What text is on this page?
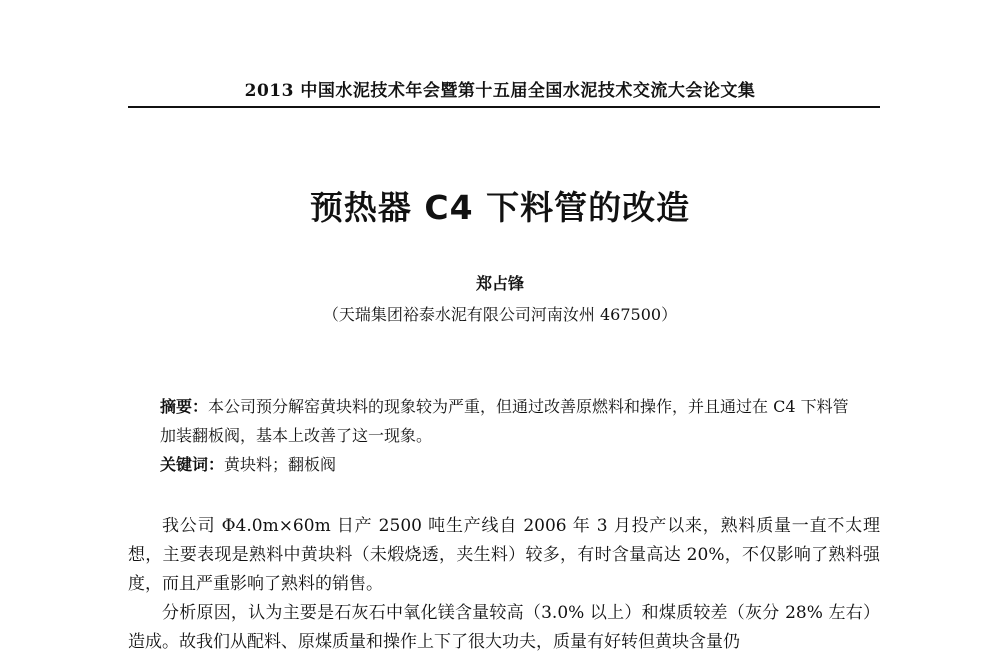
2013 中国水泥技术年会暨第十五届全国水泥技术交流大会论文集
预热器 C4 下料管的改造
郑占锋
（天瑞集团裕泰水泥有限公司河南汝州 467500）
摘要：本公司预分解窑黄块料的现象较为严重，但通过改善原燃料和操作，并且通过在 C4 下料管加装翻板阀，基本上改善了这一现象。
关键词：黄块料；翻板阀

我公司 Φ4.0m×60m 日产 2500 吨生产线自 2006 年 3 月投产以来，熟料质量一直不太理想，主要表现是熟料中黄块料（未煅烧透，夹生料）较多，有时含量高达 20%，不仅影响了熟料强度，而且严重影响了熟料的销售。

分析原因，认为主要是石灰石中氧化镁含量较高（3.0% 以上）和煤质较差（灰分 28% 左右）造成。故我们从配料、原煤质量和操作上下了很大功夫，质量有好转但黄块含量仍
